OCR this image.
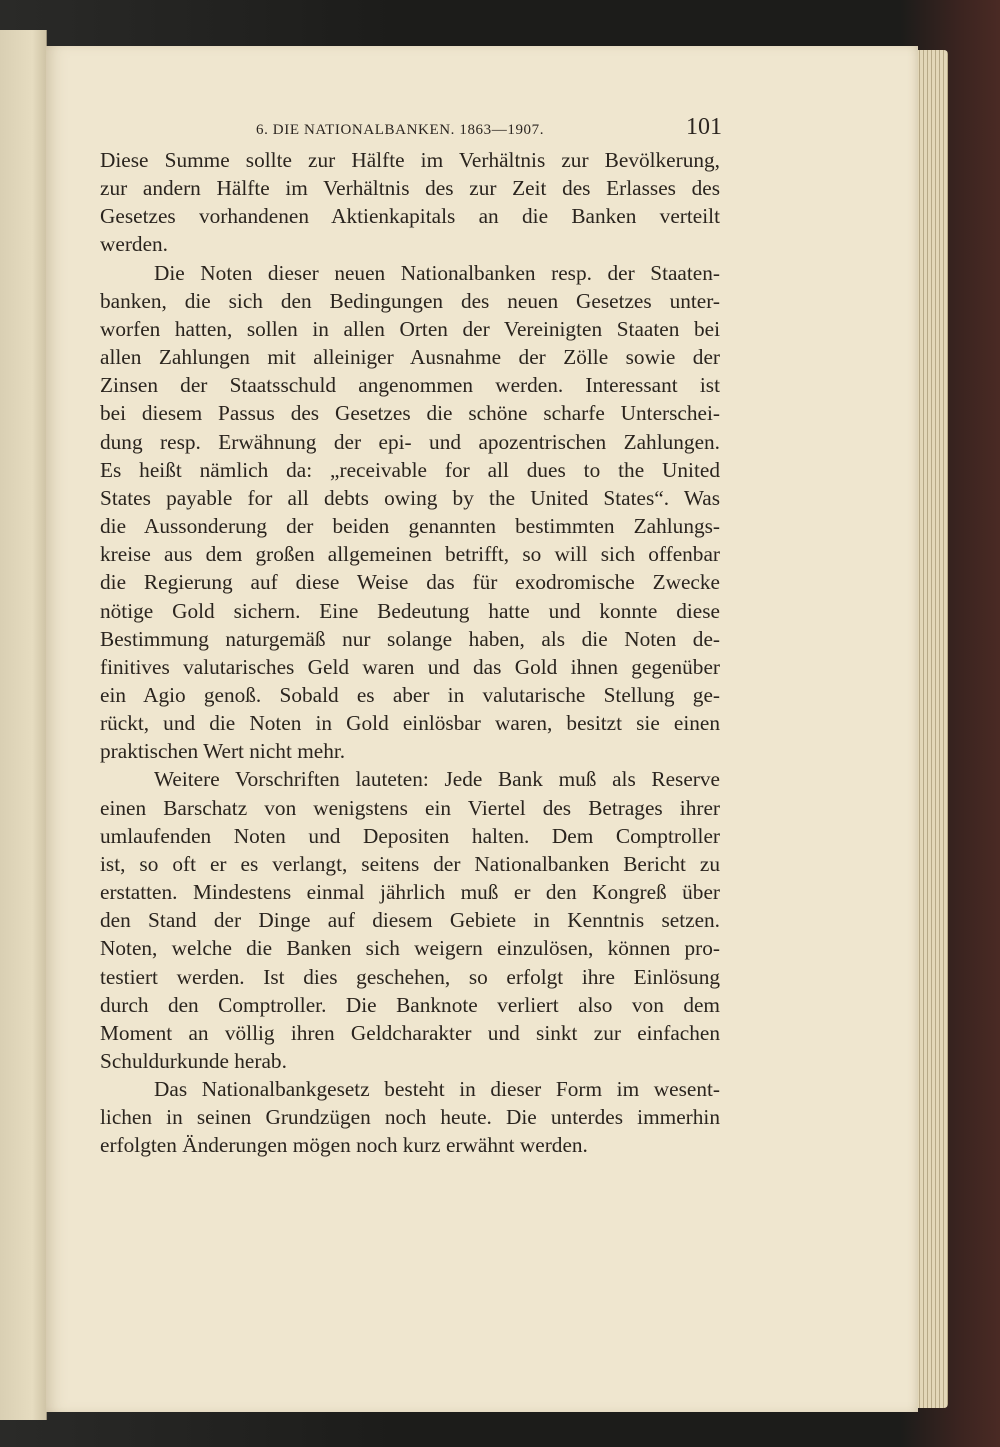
6. DIE NATIONALBANKEN. 1863—1907.	101
Diese Summe sollte zur Hälfte im Verhältnis zur Bevölkerung,
zur andern Hälfte im Verhältnis des zur Zeit des Erlasses des
Gesetzes vorhandenen Aktienkapitals an die Banken verteilt
werden.
Die Noten dieser neuen Nationalbanken resp. der Staaten-
banken, die sich den Bedingungen des neuen Gesetzes unter-
worfen hatten, sollen in allen Orten der Vereinigten Staaten bei
allen Zahlungen mit alleiniger Ausnahme der Zölle sowie der
Zinsen der Staatsschuld angenommen werden. Interessant ist
bei diesem Passus des Gesetzes die schöne scharfe Unterschei-
dung resp. Erwähnung der epi- und apozentrischen Zahlungen.
Es heißt nämlich da: „receivable for all dues to the United
States payable for all debts owing by the United States“. Was
die Aussonderung der beiden genannten bestimmten Zahlungs-
kreise aus dem großen allgemeinen betrifft, so will sich offenbar
die Regierung auf diese Weise das für exodromische Zwecke
nötige Gold sichern. Eine Bedeutung hatte und konnte diese
Bestimmung naturgemäß nur solange haben, als die Noten de-
finitives valutarisches Geld waren und das Gold ihnen gegenüber
ein Agio genoß. Sobald es aber in valutarische Stellung ge-
rückt, und die Noten in Gold einlösbar waren, besitzt sie einen
praktischen Wert nicht mehr.
Weitere Vorschriften lauteten: Jede Bank muß als Reserve
einen Barschatz von wenigstens ein Viertel des Betrages ihrer
umlaufenden Noten und Depositen halten. Dem Comptroller
ist, so oft er es verlangt, seitens der Nationalbanken Bericht zu
erstatten. Mindestens einmal jährlich muß er den Kongreß über
den Stand der Dinge auf diesem Gebiete in Kenntnis setzen.
Noten, welche die Banken sich weigern einzulösen, können pro-
testiert werden. Ist dies geschehen, so erfolgt ihre Einlösung
durch den Comptroller. Die Banknote verliert also von dem
Moment an völlig ihren Geldcharakter und sinkt zur einfachen
Schuldurkunde herab.
Das Nationalbankgesetz besteht in dieser Form im wesent-
lichen in seinen Grundzügen noch heute. Die unterdes immerhin
erfolgten Änderungen mögen noch kurz erwähnt werden.
